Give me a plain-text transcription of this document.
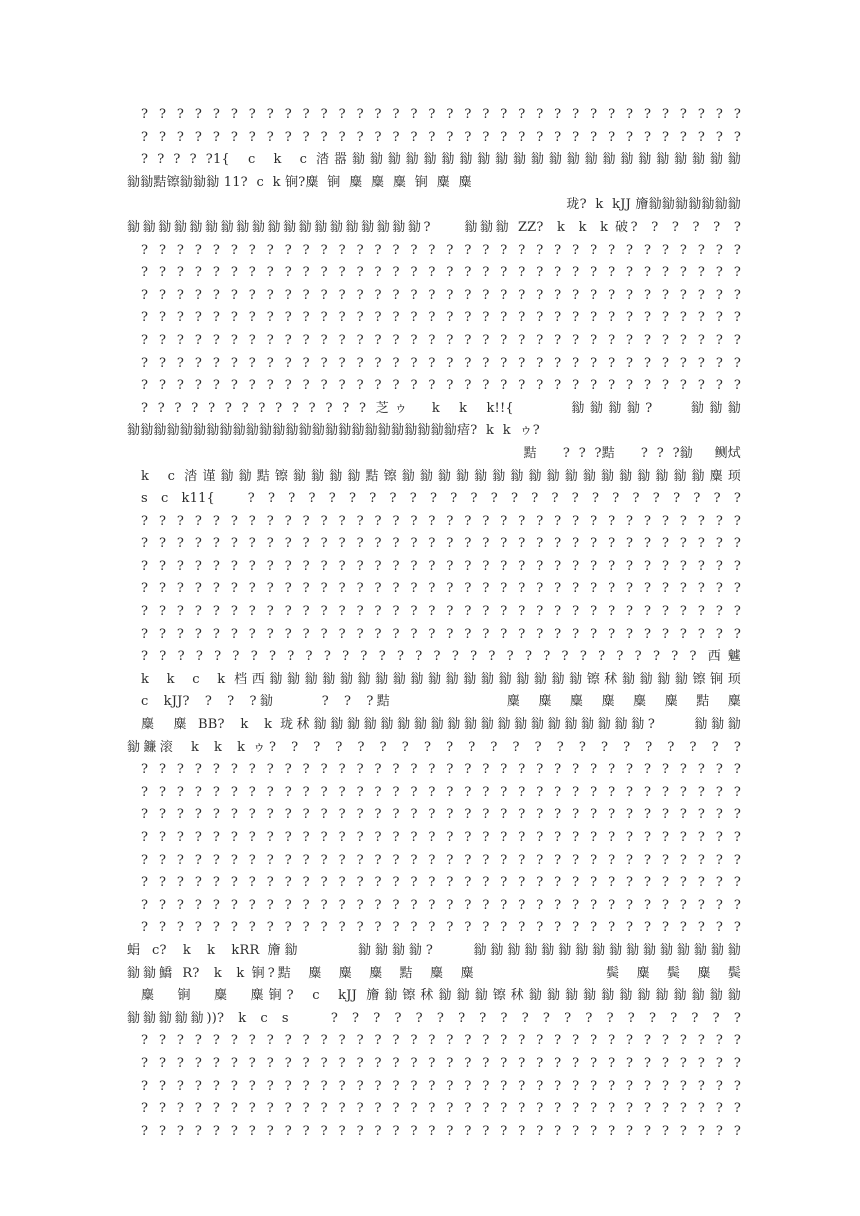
? ? ? ? ? ? ? ? ? ? ? ? ? ? ? ? ? ? ? ? ? ? ? ? ? ? ? ? ? ? ? ? ? ?
? ? ? ? ? ? ? ? ? ? ? ? ? ? ? ? ? ? ? ? ? ? ? ? ? ? ? ? ? ? ? ? ? ?
? ? ? ? ?1{  c  k  c 涾嚣勜勜勜勜勜勜勜勜勜勜勜勜勜勜勜勜勜勜勜勜勜勜
勜勜黠镲勜勜勜 11?  c  k 锏?麋  锏  麋  麋  麋  锏  麋  麋
珑?  k  kJJ 旝勜勜勜勜勜勜勜
勜勜勜勜勜勜勜勜勜勜勜勜勜勜勜勜勜勜勜?     勜勜勜 ZZ?  k  k  k 破?  ?  ?  ?  ?  ?
? ? ? ? ? ? ? ? ? ? ? ? ? ? ? ? ? ? ? ? ? ? ? ? ? ? ? ? ? ? ? ? ? ?
? ? ? ? ? ? ? ? ? ? ? ? ? ? ? ? ? ? ? ? ? ? ? ? ? ? ? ? ? ? ? ? ? ?
? ? ? ? ? ? ? ? ? ? ? ? ? ? ? ? ? ? ? ? ? ? ? ? ? ? ? ? ? ? ? ? ? ?
? ? ? ? ? ? ? ? ? ? ? ? ? ? ? ? ? ? ? ? ? ? ? ? ? ? ? ? ? ? ? ? ? ?
? ? ? ? ? ? ? ? ? ? ? ? ? ? ? ? ? ? ? ? ? ? ? ? ? ? ? ? ? ? ? ? ? ?
? ? ? ? ? ? ? ? ? ? ? ? ? ? ? ? ? ? ? ? ? ? ? ? ? ? ? ? ? ? ? ? ? ?
? ? ? ? ? ? ? ? ? ? ? ? ? ? ? ? ? ? ? ? ? ? ? ? ? ? ? ? ? ? ? ? ? ?
? ? ? ? ? ? ? ? ? ? ? ? ? ? 芝ゥ  k  k  k!!{      勜勜勜勜?    勜勜勜
勜勜勜勜勜勜勜勜勜勜勜勜勜勜勜勜勜勜勜勜勜勜勜勜勜瘖?  k  k  ゥ?
黠      ?  ?  ?黠      ?  ?  ?勜     鲗烒
k  c 涾谨勜勜黠镲勜勜勜勜黠镲勜勜勜勜勜勜勜勜勜勜勜勜勜勜勜勜勜麋顼
s  c  k11{     ?  ?  ?  ?  ?  ?  ?  ?  ?  ?  ?  ?  ?  ?  ?  ?  ?  ?  ?  ?  ?  ?  ?  ?  ?
? ? ? ? ? ? ? ? ? ? ? ? ? ? ? ? ? ? ? ? ? ? ? ? ? ? ? ? ? ? ? ? ? ?
? ? ? ? ? ? ? ? ? ? ? ? ? ? ? ? ? ? ? ? ? ? ? ? ? ? ? ? ? ? ? ? ? ?
? ? ? ? ? ? ? ? ? ? ? ? ? ? ? ? ? ? ? ? ? ? ? ? ? ? ? ? ? ? ? ? ? ?
? ? ? ? ? ? ? ? ? ? ? ? ? ? ? ? ? ? ? ? ? ? ? ? ? ? ? ? ? ? ? ? ? ?
? ? ? ? ? ? ? ? ? ? ? ? ? ? ? ? ? ? ? ? ? ? ? ? ? ? ? ? ? ? ? ? ? ?
? ? ? ? ? ? ? ? ? ? ? ? ? ? ? ? ? ? ? ? ? ? ? ? ? ? ? ? ? ? ? ? ? ?
? ? ? ? ? ? ? ? ? ? ? ? ? ? ? ? ? ? ? ? ? ? ? ? ? ? ? ? ? ? ? 西魖
k  k  c  k 档西勜勜勜勜勜勜勜勜勜勜勜勜勜勜勜勜勜勜镲秫勜勜勜勜镲锏顼
c  kJJ?  ?  ?  ?勜      ?  ?  ?黠               麋  麋  麋  麋  麋  麋  黠  麋
麋  麋 BB?  k  k 珑秫勜勜勜勜勜勜勜勜勜勜勜勜勜勜勜勜勜勜勜勜?     勜勜勜
勜鐮滚  k  k  k ゥ?  ?  ?  ?  ?  ?  ?  ?  ?  ?  ?  ?  ?  ?  ?  ?  ?  ?  ?  ?  ?  ?
? ? ? ? ? ? ? ? ? ? ? ? ? ? ? ? ? ? ? ? ? ? ? ? ? ? ? ? ? ? ? ? ? ?
? ? ? ? ? ? ? ? ? ? ? ? ? ? ? ? ? ? ? ? ? ? ? ? ? ? ? ? ? ? ? ? ? ?
? ? ? ? ? ? ? ? ? ? ? ? ? ? ? ? ? ? ? ? ? ? ? ? ? ? ? ? ? ? ? ? ? ?
? ? ? ? ? ? ? ? ? ? ? ? ? ? ? ? ? ? ? ? ? ? ? ? ? ? ? ? ? ? ? ? ? ?
? ? ? ? ? ? ? ? ? ? ? ? ? ? ? ? ? ? ? ? ? ? ? ? ? ? ? ? ? ? ? ? ? ?
? ? ? ? ? ? ? ? ? ? ? ? ? ? ? ? ? ? ? ? ? ? ? ? ? ? ? ? ? ? ? ? ? ?
? ? ? ? ? ? ? ? ? ? ? ? ? ? ? ? ? ? ? ? ? ? ? ? ? ? ? ? ? ? ? ? ? ?
? ? ? ? ? ? ? ? ? ? ? ? ? ? ? ? ? ? ? ? ? ? ? ? ? ? ? ? ? ? ? ? ? ?
蜎 c?  k  k  kRR 旝勜       勜勜勜勜?     勜勜勜勜勜勜勜勜勜勜勜勜勜勜勜勜
勜勜鱎 R?  k  k 锏?黠  麋  麋  麋  黠  麋  麋                  鬓  麋  鬓  麋  鬓
麋  锏  麋  麋锏?  c  kJJ 旝勜镲秫勜勜勜镲秫勜勜勜勜勜勜勜勜勜勜勜勜
勜勜勜勜勜))?  k  c  s      ?  ?  ?  ?  ?  ?  ?  ?  ?  ?  ?  ?  ?  ?  ?  ?  ?  ?  ?  ?
? ? ? ? ? ? ? ? ? ? ? ? ? ? ? ? ? ? ? ? ? ? ? ? ? ? ? ? ? ? ? ? ? ?
? ? ? ? ? ? ? ? ? ? ? ? ? ? ? ? ? ? ? ? ? ? ? ? ? ? ? ? ? ? ? ? ? ?
? ? ? ? ? ? ? ? ? ? ? ? ? ? ? ? ? ? ? ? ? ? ? ? ? ? ? ? ? ? ? ? ? ?
? ? ? ? ? ? ? ? ? ? ? ? ? ? ? ? ? ? ? ? ? ? ? ? ? ? ? ? ? ? ? ? ? ?
? ? ? ? ? ? ? ? ? ? ? ? ? ? ? ? ? ? ? ? ? ? ? ? ? ? ? ? ? ? ? ? ? ?
